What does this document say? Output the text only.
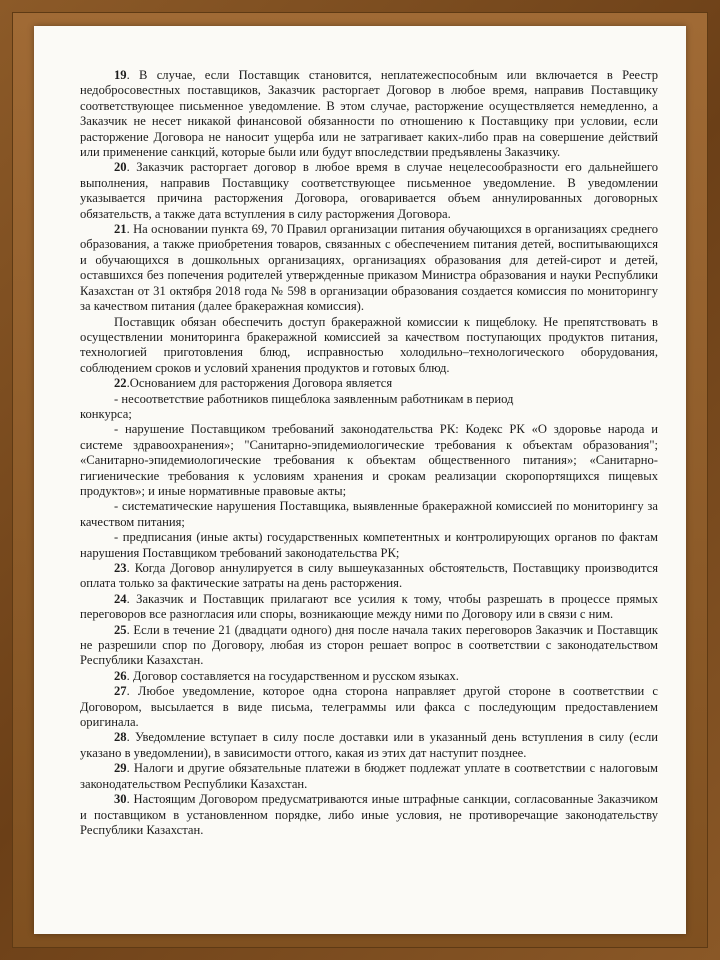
19. В случае, если Поставщик становится, неплатежеспособным или включается в Реестр недобросовестных поставщиков, Заказчик расторгает Договор в любое время, направив Поставщику соответствующее письменное уведомление. В этом случае, расторжение осуществляется немедленно, а Заказчик не несет никакой финансовой обязанности по отношению к Поставщику при условии, если расторжение Договора не наносит ущерба или не затрагивает каких-либо прав на совершение действий или применение санкций, которые были или будут впоследствии предъявлены Заказчику.

20. Заказчик расторгает договор в любое время в случае нецелесообразности его дальнейшего выполнения, направив Поставщику соответствующее письменное уведомление. В уведомлении указывается причина расторжения Договора, оговаривается объем аннулированных договорных обязательств, а также дата вступления в силу расторжения Договора.

21. На основании пункта 69, 70 Правил организации питания обучающихся в организациях среднего образования, а также приобретения товаров, связанных с обеспечением питания детей, воспитывающихся и обучающихся в дошкольных организациях, организациях образования для детей-сирот и детей, оставшихся без попечения родителей утвержденные приказом Министра образования и науки Республики Казахстан от 31 октября 2018 года № 598 в организации образования создается комиссия по мониторингу за качеством питания (далее бракеражная комиссия).

Поставщик обязан обеспечить доступ бракеражной комиссии к пищеблоку. Не препятствовать в осуществлении мониторинга бракеражной комиссией за качеством поступающих продуктов питания, технологией приготовления блюд, исправностью холодильно–технологического оборудования, соблюдением сроков и условий хранения продуктов и готовых блюд.

22.Основанием для расторжения Договора является

- несоответствие работников пищеблока заявленным работникам в период

конкурса;

- нарушение Поставщиком требований законодательства РК: Кодекс РК «О здоровье народа и системе здравоохранения»; "Санитарно-эпидемиологические требования к объектам образования"; «Санитарно-эпидемиологические требования к объектам общественного питания»; «Санитарно-гигиенические требования к условиям хранения и срокам реализации скоропортящихся пищевых продуктов»; и иные нормативные правовые акты;

- систематические нарушения Поставщика, выявленные бракеражной комиссией по мониторингу за качеством питания;

- предписания (иные акты) государственных компетентных и контролирующих органов по фактам нарушения Поставщиком требований законодательства РК;

23. Когда Договор аннулируется в силу вышеуказанных обстоятельств, Поставщику производится оплата только за фактические затраты на день расторжения.

24. Заказчик и Поставщик прилагают все усилия к тому, чтобы разрешать в процессе прямых переговоров все разногласия или споры, возникающие между ними по Договору или в связи с ним.

25. Если в течение 21 (двадцати одного) дня после начала таких переговоров Заказчик и Поставщик не разрешили спор по Договору, любая из сторон решает вопрос в соответствии с законодательством Республики Казахстан.

26. Договор составляется на государственном и русском языках.

27. Любое уведомление, которое одна сторона направляет другой стороне в соответствии с Договором, высылается в виде письма, телеграммы или факса с последующим предоставлением оригинала.

28. Уведомление вступает в силу после доставки или в указанный день вступления в силу (если указано в уведомлении), в зависимости оттого, какая из этих дат наступит позднее.

29. Налоги и другие обязательные платежи в бюджет подлежат уплате в соответствии с налоговым законодательством Республики Казахстан.

30. Настоящим Договором предусматриваются иные штрафные санкции, согласованные Заказчиком и поставщиком в установленном порядке, либо иные условия, не противоречащие законодательству Республики Казахстан.
